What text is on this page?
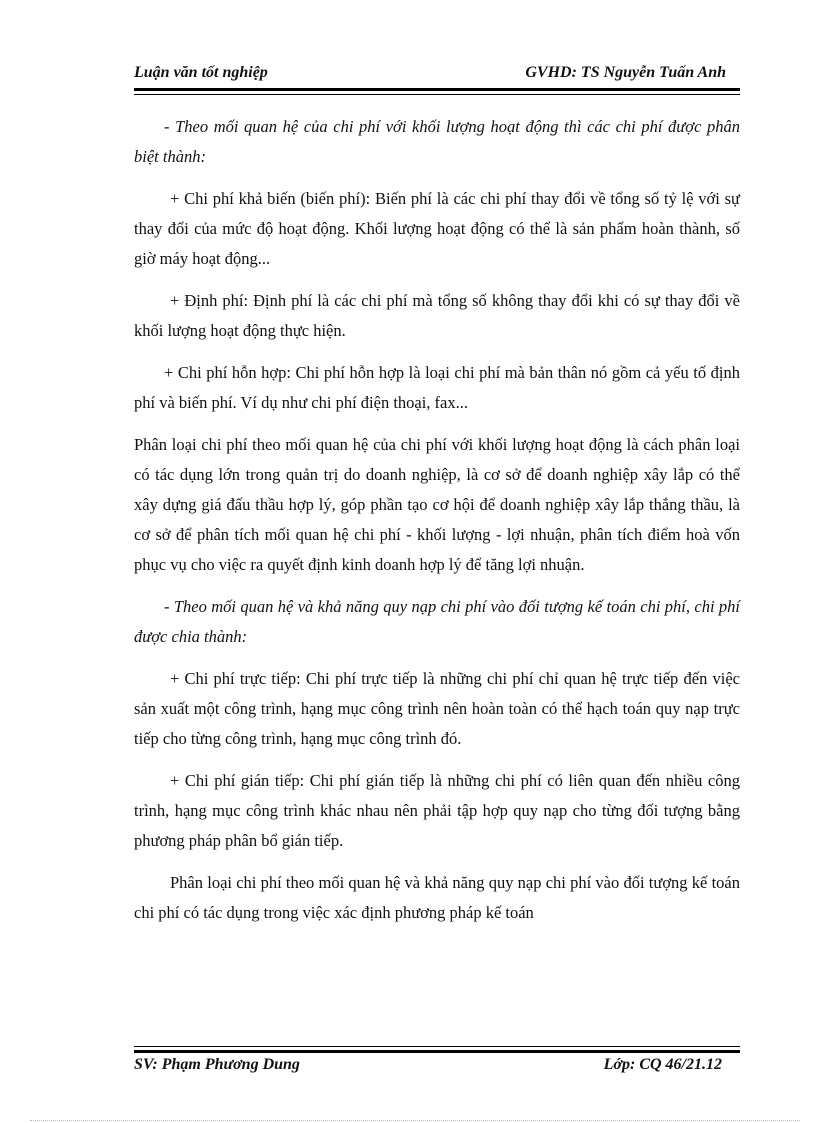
Luận văn tốt nghiệp	GVHD: TS Nguyễn Tuấn Anh

- Theo mối quan hệ của chi phí với khối lượng hoạt động thì các chi phí được phân biệt thành:

+ Chi phí khả biến (biến phí): Biến phí là các chi phí thay đổi về tổng số tỷ lệ với sự thay đổi của mức độ hoạt động. Khối lượng hoạt động có thể là sản phẩm hoàn thành, số giờ máy hoạt động...

+ Định phí: Định phí là các chi phí mà tổng số không thay đổi khi có sự thay đổi về khối lượng hoạt động thực hiện.

+ Chi phí hỗn hợp: Chi phí hỗn hợp là loại chi phí mà bản thân nó gồm cả yếu tố định phí và biến phí. Ví dụ như chi phí điện thoại, fax...

Phân loại chi phí theo mối quan hệ của chi phí với khối lượng hoạt động là cách phân loại có tác dụng lớn trong quản trị do doanh nghiệp, là cơ sở để doanh nghiệp xây lắp có thể xây dựng giá đấu thầu hợp lý, góp phần tạo cơ hội để doanh nghiệp xây lắp thắng thầu, là cơ sở để phân tích mối quan hệ chi phí - khối lượng - lợi nhuận, phân tích điểm hoà vốn phục vụ cho việc ra quyết định kinh doanh hợp lý để tăng lợi nhuận.

- Theo mối quan hệ và khả năng quy nạp chi phí vào đối tượng kế toán chi phí, chi phí được chia thành:

+ Chi phí trực tiếp: Chi phí trực tiếp là những chi phí chỉ quan hệ trực tiếp đến việc sản xuất một công trình, hạng mục công trình nên hoàn toàn có thể hạch toán quy nạp trực tiếp cho từng công trình, hạng mục công trình đó.

+ Chi phí gián tiếp: Chi phí gián tiếp là những chi phí có liên quan đến nhiều công trình, hạng mục công trình khác nhau nên phải tập hợp quy nạp cho từng đối tượng bằng phương pháp phân bổ gián tiếp.

Phân loại chi phí theo mối quan hệ và khả năng quy nạp chi phí vào đối tượng kế toán chi phí có tác dụng trong việc xác định phương pháp kế toán

SV: Phạm Phương Dung	Lớp: CQ 46/21.12
